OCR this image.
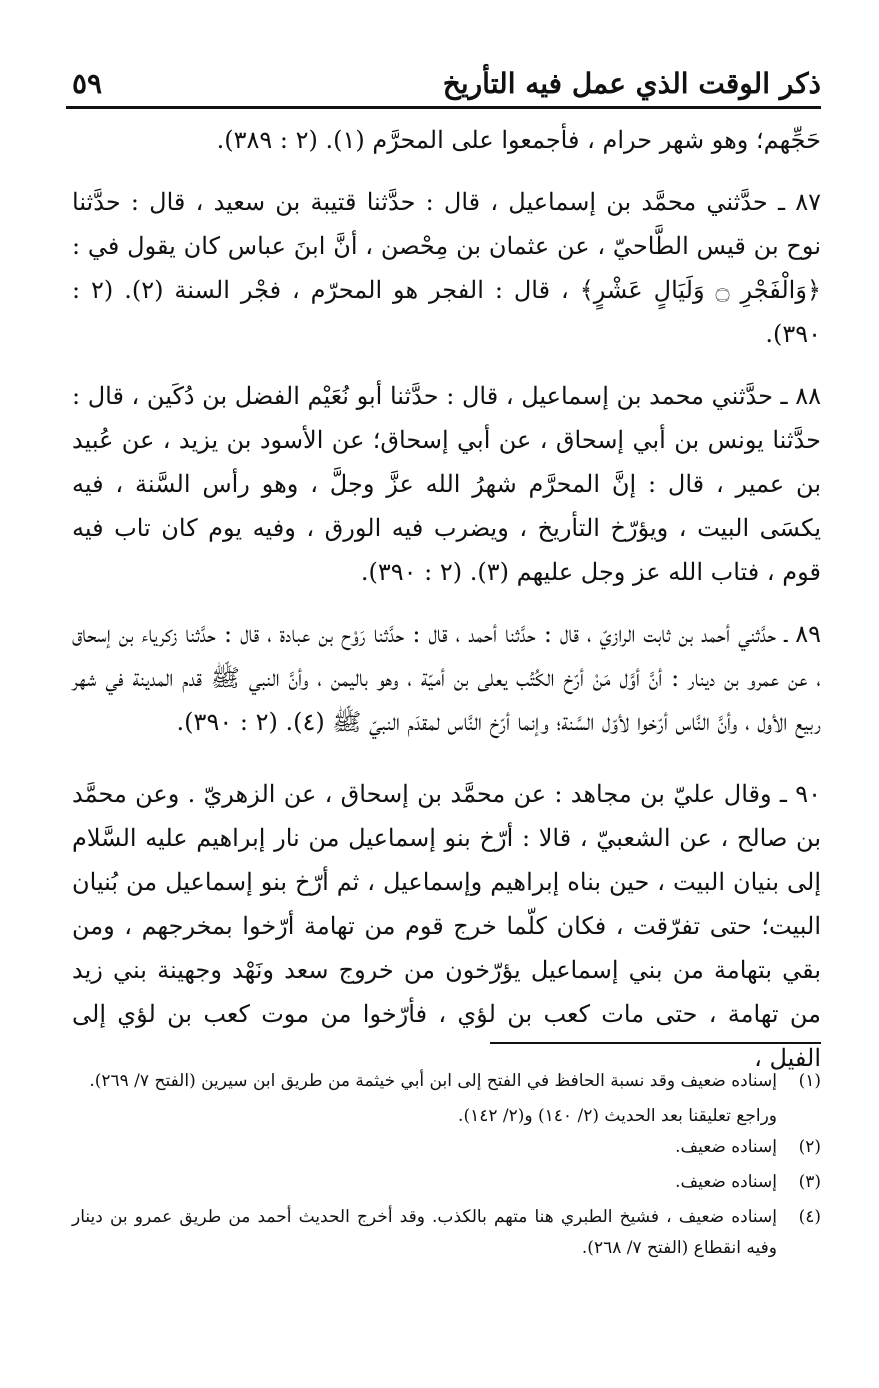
ذكر الوقت الذي عمل فيه التأريخ
٥٩

حَجِّهم؛ وهو شهر حرام ، فأجمعوا على المحرَّم (١). (٢ : ٣٨٩).

٨٧ ـ حدَّثني محمَّد بن إسماعيل ، قال : حدَّثنا قتيبة بن سعيد ، قال : حدَّثنا نوح بن قيس الطَّاحيّ ، عن عثمان بن مِحْصن ، أنَّ ابنَ عباس كان يقول في : ﴿وَالْفَجْرِ ۝ وَلَيَالٍ عَشْرٍ﴾ ، قال : الفجر هو المحرّم ، فجْر السنة (٢). (٢ : ٣٩٠).

٨٨ ـ حدَّثني محمد بن إسماعيل ، قال : حدَّثنا أبو نُعَيْم الفضل بن دُكَين ، قال : حدَّثنا يونس بن أبي إسحاق ، عن أبي إسحاق؛ عن الأسود بن يزيد ، عن عُبيد بن عمير ، قال : إنَّ المحرَّم شهرُ الله عزَّ وجلَّ ، وهو رأس السَّنة ، فيه يكسَى البيت ، ويؤرّخ التأريخ ، ويضرب فيه الورق ، وفيه يوم كان تاب فيه قوم ، فتاب الله عز وجل عليهم (٣). (٢ : ٣٩٠).

٨٩ ـ حدَّثني أحمد بن ثابت الرازيّ ، قال : حدَّثنا أحمد ، قال : حدَّثنا رَوْح بن عبادة ، قال : حدَّثنا زكرياء بن إسحاق ، عن عمرو بن دينار : أنَّ أوَّل مَنْ أرّخ الكُتُب يعلى بن أميّة ، وهو باليمن ، وأنَّ النبي ﷺ قدم المدينة في شهر ربيع الأول ، وأنَّ النَّاس أرّخوا لأوّل السَّنة؛ وإنما أرّخ النَّاس لمقدَم النبيّ ﷺ (٤). (٢ : ٣٩٠).

٩٠ ـ وقال عليّ بن مجاهد : عن محمَّد بن إسحاق ، عن الزهريّ . وعن محمَّد بن صالح ، عن الشعبيّ ، قالا : أرّخ بنو إسماعيل من نار إبراهيم عليه السَّلام إلى بنيان البيت ، حين بناه إبراهيم وإسماعيل ، ثم أرّخ بنو إسماعيل من بُنيان البيت؛ حتى تفرّقت ، فكان كلّما خرج قوم من تهامة أرّخوا بمخرجهم ، ومن بقي بتهامة من بني إسماعيل يؤرّخون من خروج سعد ونَهْد وجهينة بني زيد من تهامة ، حتى مات كعب بن لؤي ، فأرّخوا من موت كعب بن لؤي إلى الفيل ،

(١)
إسناده ضعيف وقد نسبة الحافظ في الفتح إلى ابن أبي خيثمة من طريق ابن سيرين (الفتح ٧/ ٢٦٩).
وراجع تعليقنا بعد الحديث (٢/ ١٤٠) و(٢/ ١٤٢).
(٢)
إسناده ضعيف.
(٣)
إسناده ضعيف.
(٤)
إسناده ضعيف ، فشيخ الطبري هنا متهم بالكذب. وقد أخرج الحديث أحمد من طريق عمرو بن دينار وفيه انقطاع (الفتح ٧/ ٢٦٨).
